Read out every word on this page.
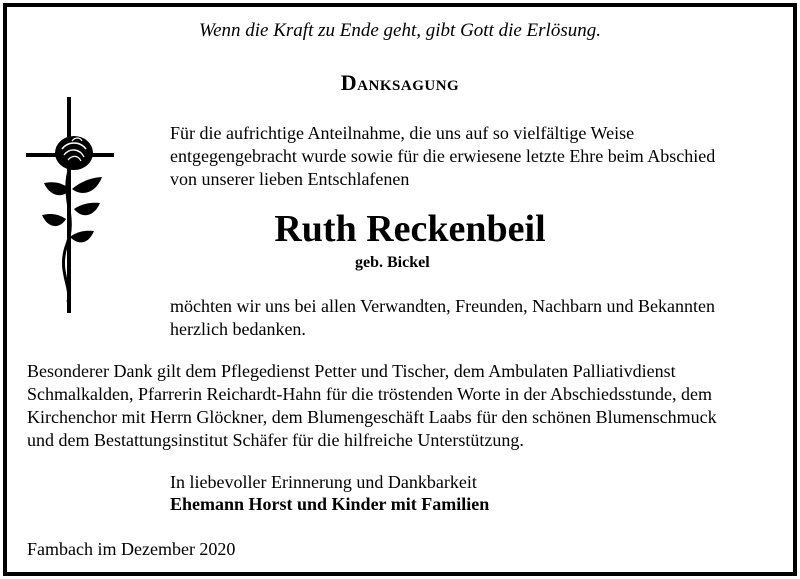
Wenn die Kraft zu Ende geht, gibt Gott die Erlösung.
Danksagung
Für die aufrichtige Anteilnahme, die uns auf so vielfältige Weise
entgegengebracht wurde sowie für die erwiesene letzte Ehre beim Abschied
von unserer lieben Entschlafenen
Ruth Reckenbeil
geb. Bickel
möchten wir uns bei allen Verwandten, Freunden, Nachbarn und Bekannten
herzlich bedanken.
Besonderer Dank gilt dem Pflegedienst Petter und Tischer, dem Ambulaten Palliativdienst
Schmalkalden, Pfarrerin Reichardt-Hahn für die tröstenden Worte in der Abschiedsstunde, dem
Kirchenchor mit Herrn Glöckner, dem Blumengeschäft Laabs für den schönen Blumenschmuck
und dem Bestattungsinstitut Schäfer für die hilfreiche Unterstützung.
In liebevoller Erinnerung und Dankbarkeit
Ehemann Horst und Kinder mit Familien
Fambach im Dezember 2020
